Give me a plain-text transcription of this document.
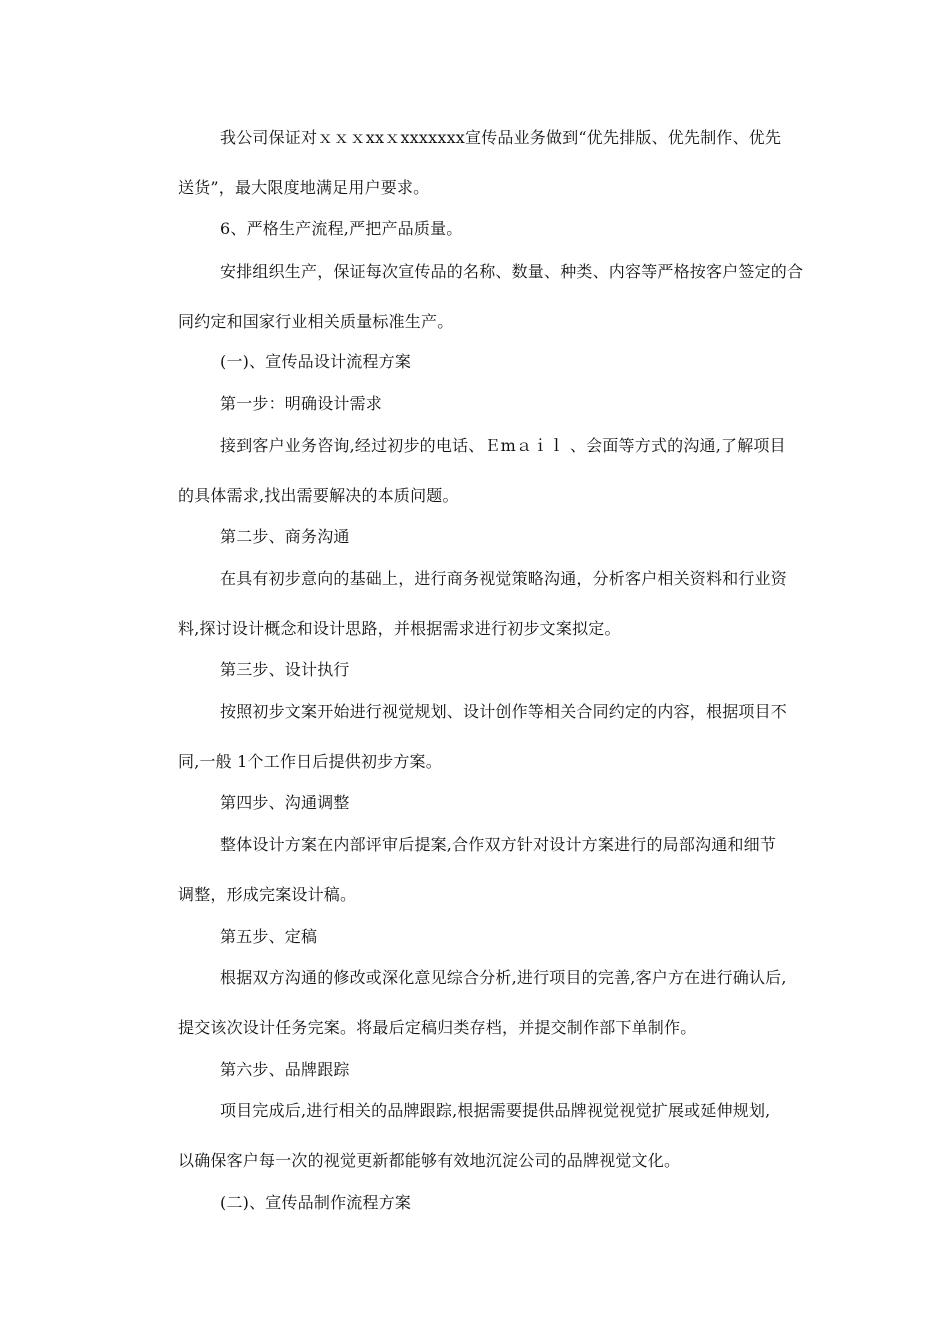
我公司保证对ｘｘｘxxｘxxxxxxx宣传品业务做到“优先排版、优先制作、优先
送货”，最大限度地满足用户要求。
6、严格生产流程,严把产品质量。
安排组织生产，保证每次宣传品的名称、数量、种类、内容等严格按客户签定的合
同约定和国家行业相关质量标准生产。
(一)、宣传品设计流程方案
第一步：明确设计需求
接到客户业务咨询,经过初步的电话、Ｅmａｉｌ 、会面等方式的沟通,了解项目
的具体需求,找出需要解决的本质问题。
第二步、商务沟通
在具有初步意向的基础上，进行商务视觉策略沟通，分析客户相关资料和行业资
料,探讨设计概念和设计思路，并根据需求进行初步文案拟定。
第三步、设计执行
按照初步文案开始进行视觉规划、设计创作等相关合同约定的内容，根据项目不
同,一般 1个工作日后提供初步方案。
第四步、沟通调整
整体设计方案在内部评审后提案,合作双方针对设计方案进行的局部沟通和细节
调整，形成完案设计稿。
第五步、定稿
根据双方沟通的修改或深化意见综合分析,进行项目的完善,客户方在进行确认后,
提交该次设计任务完案。将最后定稿归类存档，并提交制作部下单制作。
第六步、品牌跟踪
项目完成后,进行相关的品牌跟踪,根据需要提供品牌视觉视觉扩展或延伸规划,
以确保客户每一次的视觉更新都能够有效地沉淀公司的品牌视觉文化。
(二)、宣传品制作流程方案
